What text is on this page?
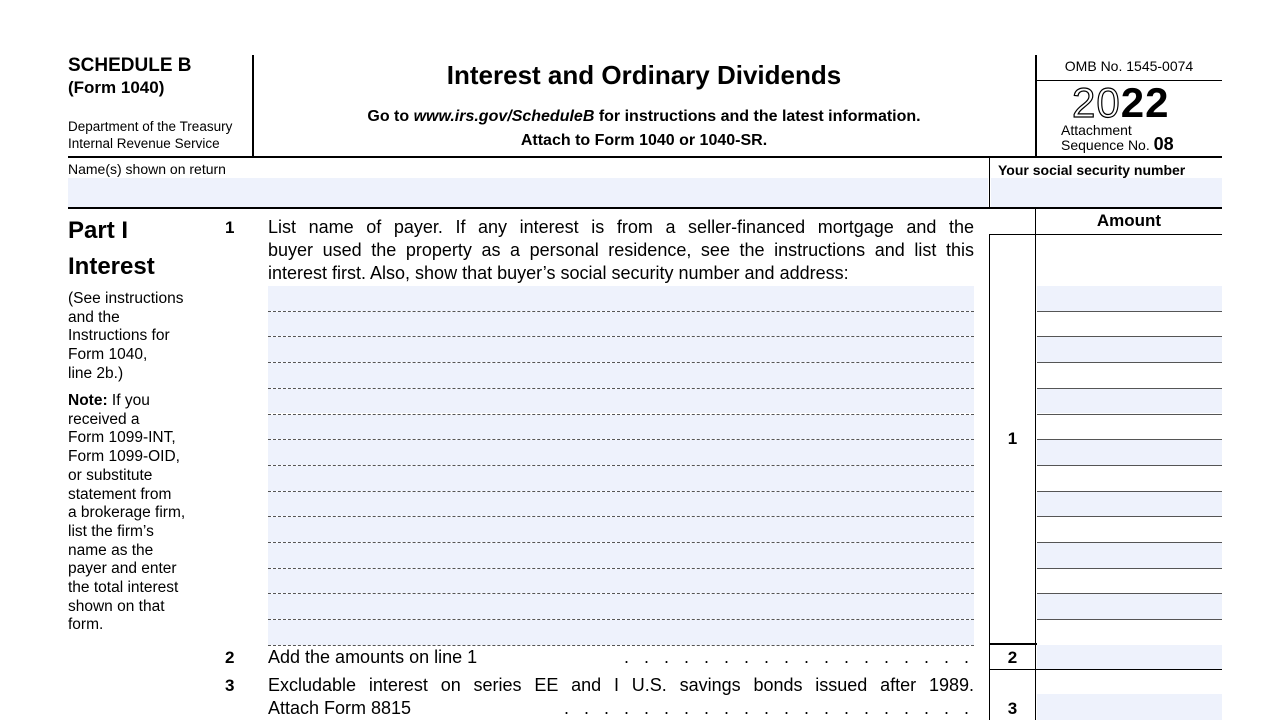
SCHEDULE B
(Form 1040)
Department of the Treasury
Internal Revenue Service
Interest and Ordinary Dividends
Go to www.irs.gov/ScheduleB for instructions and the latest information.
Attach to Form 1040 or 1040-SR.
OMB No. 1545-0074
2022
Attachment
Sequence No. 08
Name(s) shown on return	Your social security number
Part I
Interest
(See instructions
and the
Instructions for
Form 1040,
line 2b.)
Note: If you
received a
Form 1099-INT,
Form 1099-OID,
or substitute
statement from
a brokerage firm,
list the firm’s
name as the
payer and enter
the total interest
shown on that
form.
1 List name of payer. If any interest is from a seller-financed mortgage and the
buyer used the property as a personal residence, see the instructions and list this
interest first. Also, show that buyer’s social security number and address:
Amount
1
2 Add the amounts on line 1	. . . . . . . . . . . . . . . . . .	2
3 Excludable interest on series EE and I U.S. savings bonds issued after 1989.
Attach Form 8815	. . . . . . . . . . . . . . . . . . . . .	3
